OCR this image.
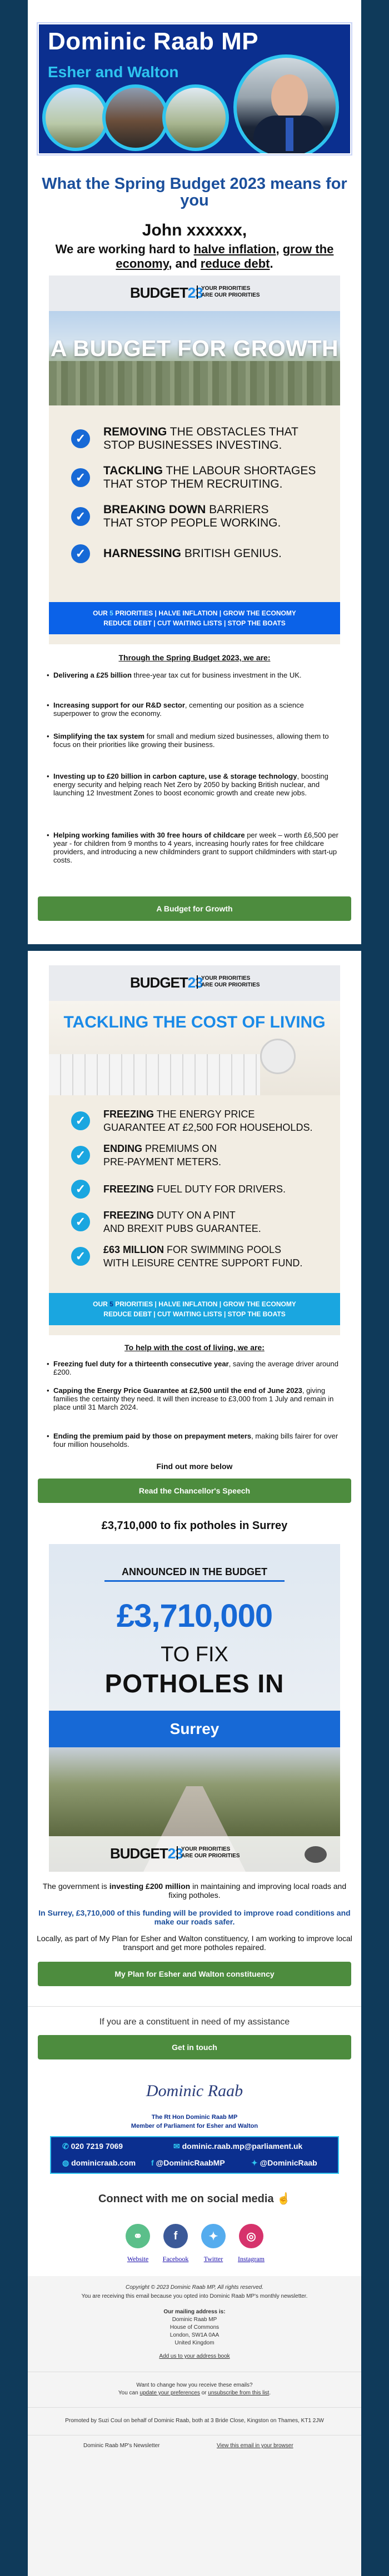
Dominic Raab MP
Esher and Walton
What the Spring Budget 2023 means for you
John xxxxxx,
We are working hard to halve inflation, grow the economy, and reduce debt.
BUDGET23
YOUR PRIORITIES
ARE OUR PRIORITIES
A BUDGET FOR GROWTH
✓	REMOVING THE OBSTACLES THAT
STOP BUSINESSES INVESTING.
✓	TACKLING THE LABOUR SHORTAGES
THAT STOP THEM RECRUITING.
✓	BREAKING DOWN BARRIERS
THAT STOP PEOPLE WORKING.
✓	HARNESSING BRITISH GENIUS.
OUR 5 PRIORITIES | HALVE INFLATION | GROW THE ECONOMY
REDUCE DEBT | CUT WAITING LISTS | STOP THE BOATS
Through the Spring Budget 2023, we are:
• Delivering a £25 billion three-year tax cut for business investment in the UK.
• Increasing support for our R&D sector, cementing our position as a science superpower to grow the economy.
• Simplifying the tax system for small and medium sized businesses, allowing them to focus on their priorities like growing their business.
• Investing up to £20 billion in carbon capture, use & storage technology, boosting energy security and helping reach Net Zero by 2050 by backing British nuclear, and launching 12 Investment Zones to boost economic growth and create new jobs.
• Helping working families with 30 free hours of childcare per week – worth £6,500 per year - for children from 9 months to 4 years, increasing hourly rates for free childcare providers, and introducing a new childminders grant to support childminders with start-up costs.
A Budget for Growth
BUDGET23
YOUR PRIORITIES
ARE OUR PRIORITIES
TACKLING THE COST OF LIVING
✓	FREEZING THE ENERGY PRICE
GUARANTEE AT £2,500 FOR HOUSEHOLDS.
✓	ENDING PREMIUMS ON
PRE-PAYMENT METERS.
✓	FREEZING FUEL DUTY FOR DRIVERS.
✓	FREEZING DUTY ON A PINT
AND BREXIT PUBS GUARANTEE.
✓	£63 MILLION FOR SWIMMING POOLS
WITH LEISURE CENTRE SUPPORT FUND.
OUR 5 PRIORITIES | HALVE INFLATION | GROW THE ECONOMY
REDUCE DEBT | CUT WAITING LISTS | STOP THE BOATS
To help with the cost of living, we are:
• Freezing fuel duty for a thirteenth consecutive year, saving the average driver around £200.
• Capping the Energy Price Guarantee at £2,500 until the end of June 2023, giving families the certainty they need. It will then increase to £3,000 from 1 July and remain in place until 31 March 2024.
• Ending the premium paid by those on prepayment meters, making bills fairer for over four million households.
Find out more below
Read the Chancellor's Speech
£3,710,000 to fix potholes in Surrey
ANNOUNCED IN THE BUDGET
£3,710,000
TO FIX
POTHOLES IN
Surrey
BUDGET23
YOUR PRIORITIES
ARE OUR PRIORITIES
The government is investing £200 million in maintaining and improving local roads and fixing potholes.
In Surrey, £3,710,000 of this funding will be provided to improve road conditions and make our roads safer.
Locally, as part of My Plan for Esher and Walton constituency, I am working to improve local transport and get more potholes repaired.
My Plan for Esher and Walton constituency
If you are a constituent in need of my assistance
Get in touch
Dominic Raab
The Rt Hon Dominic Raab MP
Member of Parliament for Esher and Walton
✆ 020 7219 7069	✉ dominic.raab.mp@parliament.uk
◍ dominicraab.com f @DominicRaabMP	✦ @DominicRaab
Connect with me on social media ☝
⚭	f	✦	◎
Website	Facebook	Twitter	Instagram
Copyright © 2023 Dominic Raab MP, All rights reserved.
You are receiving this email because you opted into Dominic Raab MP's monthly newsletter.
Our mailing address is:
Dominic Raab MP
House of Commons
London, SW1A 0AA
United Kingdom
Add us to your address book
Want to change how you receive these emails?
You can update your preferences or unsubscribe from this list.
Promoted by Suzi Coul on behalf of Dominic Raab, both at 3 Bride Close, Kingston on Thames, KT1 2JW
Dominic Raab MP's Newsletter	View this email in your browser
